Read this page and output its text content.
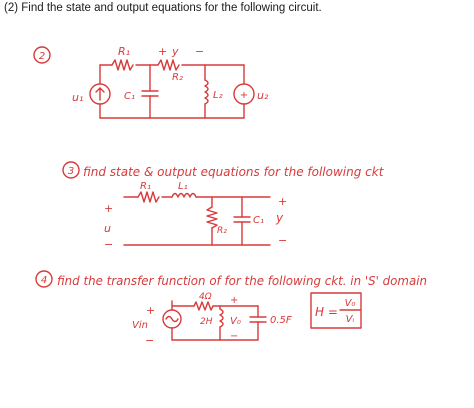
(2) Find the state and output equations for the following circuit.

2	R₁	+ y −
R₂
u₁	C₁	L₂ + u₂
3 find state & output equations for the following ckt
R₁	L₁
+
u
−
R₂
C₁
+
y
−
4 find the transfer function of for the following ckt. in 'S' domain
4Ω
+
Vin
−
2H
+
V₀
−
0.5F
H =
V₀
Vᵢ
